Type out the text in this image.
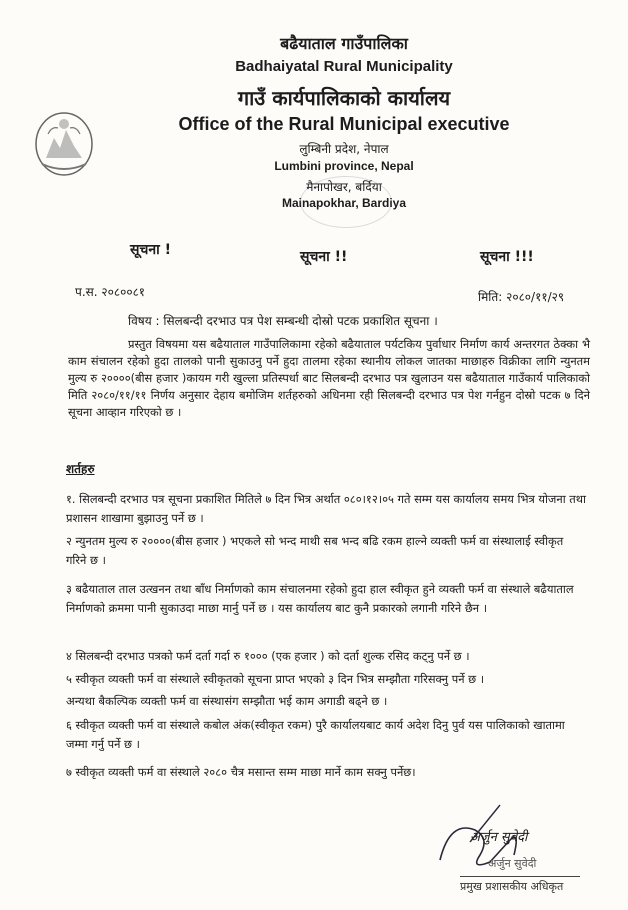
बढैयाताल गाउँपालिका
Badhaiyatal Rural Municipality
गाउँ कार्यपालिकाको कार्यालय
Office of the Rural Municipal executive
लुम्बिनी प्रदेश, नेपाल
Lumbini province, Nepal
मैनापोखर, बर्दिया
Mainapokhar, Bardiya
सूचना !	सूचना !!	सूचना !!!
प.स. २०८००८१	मिति: २०८०/११/२९
विषय : सिलबन्दी दरभाउ पत्र पेश सम्बन्धी दोस्रो पटक प्रकाशित सूचना ।
प्रस्तुत विषयमा यस बढैयाताल गाउँपालिकामा रहेको बढैयाताल पर्यटकिय पुर्वाधार निर्माण कार्य अन्तरगत ठेक्का भै काम संचालन रहेको हुदा तालको पानी सुकाउनु पर्ने हुदा तालमा रहेका स्थानीय लोकल जातका माछाहरु विक्रीका लागि न्युनतम मुल्य रु २००००(बीस हजार )कायम गरी खुल्ला प्रतिस्पर्धा बाट सिलबन्दी दरभाउ पत्र खुलाउन यस बढैयाताल गाउँकार्य पालिकाको मिति २०८०/११/११ निर्णय अनुसार देहाय बमोजिम शर्तहरुको अधिनमा रही सिलबन्दी दरभाउ पत्र पेश गर्नहुन दोस्रो पटक ७ दिने सूचना आव्हान गरिएको छ ।
शर्तहरु
१. सिलबन्दी दरभाउ पत्र सूचना प्रकाशित मितिले ७ दिन भित्र अर्थात ०८०।१२।०५ गते सम्म यस कार्यालय समय भित्र योजना तथा प्रशासन शाखामा बुझाउनु पर्ने छ ।
२ न्युनतम मुल्य रु २००००(बीस हजार ) भएकले सो भन्द माथी सब भन्द बढि रकम हाल्ने व्यक्ती फर्म वा संस्थालाई स्वीकृत गरिने छ ।
३ बढैयाताल ताल उत्खनन तथा बाँध निर्माणको काम संचालनमा रहेको हुदा हाल स्वीकृत हुने व्यक्ती फर्म वा संस्थाले बढैयाताल निर्माणको क्रममा पानी सुकाउदा माछा मार्नु पर्ने छ । यस कार्यालय बाट कुनै प्रकारको लगानी गरिने छैन ।
४ सिलबन्दी दरभाउ पत्रको फर्म दर्ता गर्दा रु १००० (एक हजार ) को दर्ता शुल्क रसिद कट्नु पर्ने छ ।
५ स्वीकृत व्यक्ती फर्म वा संस्थाले स्वीकृतको सूचना प्राप्त भएको ३ दिन भित्र सम्झौता गरिसक्नु पर्ने छ ।
अन्यथा बैकल्पिक व्यक्ती फर्म वा संस्थासंग सम्झौता भई काम अगाडी बढ्ने छ ।
६ स्वीकृत व्यक्ती फर्म वा संस्थाले कबोल अंक(स्वीकृत रकम) पुरै कार्यालयबाट कार्य अदेश दिनु पुर्व यस पालिकाको खातामा जम्मा गर्नु पर्ने छ ।
७ स्वीकृत व्यक्ती फर्म वा संस्थाले २०८० चैत्र मसान्त सम्म माछा मार्ने काम सक्नु पर्नेछ।
अर्जुन सुबेदी
अर्जुन सुवेदी
प्रमुख प्रशासकीय अधिकृत
